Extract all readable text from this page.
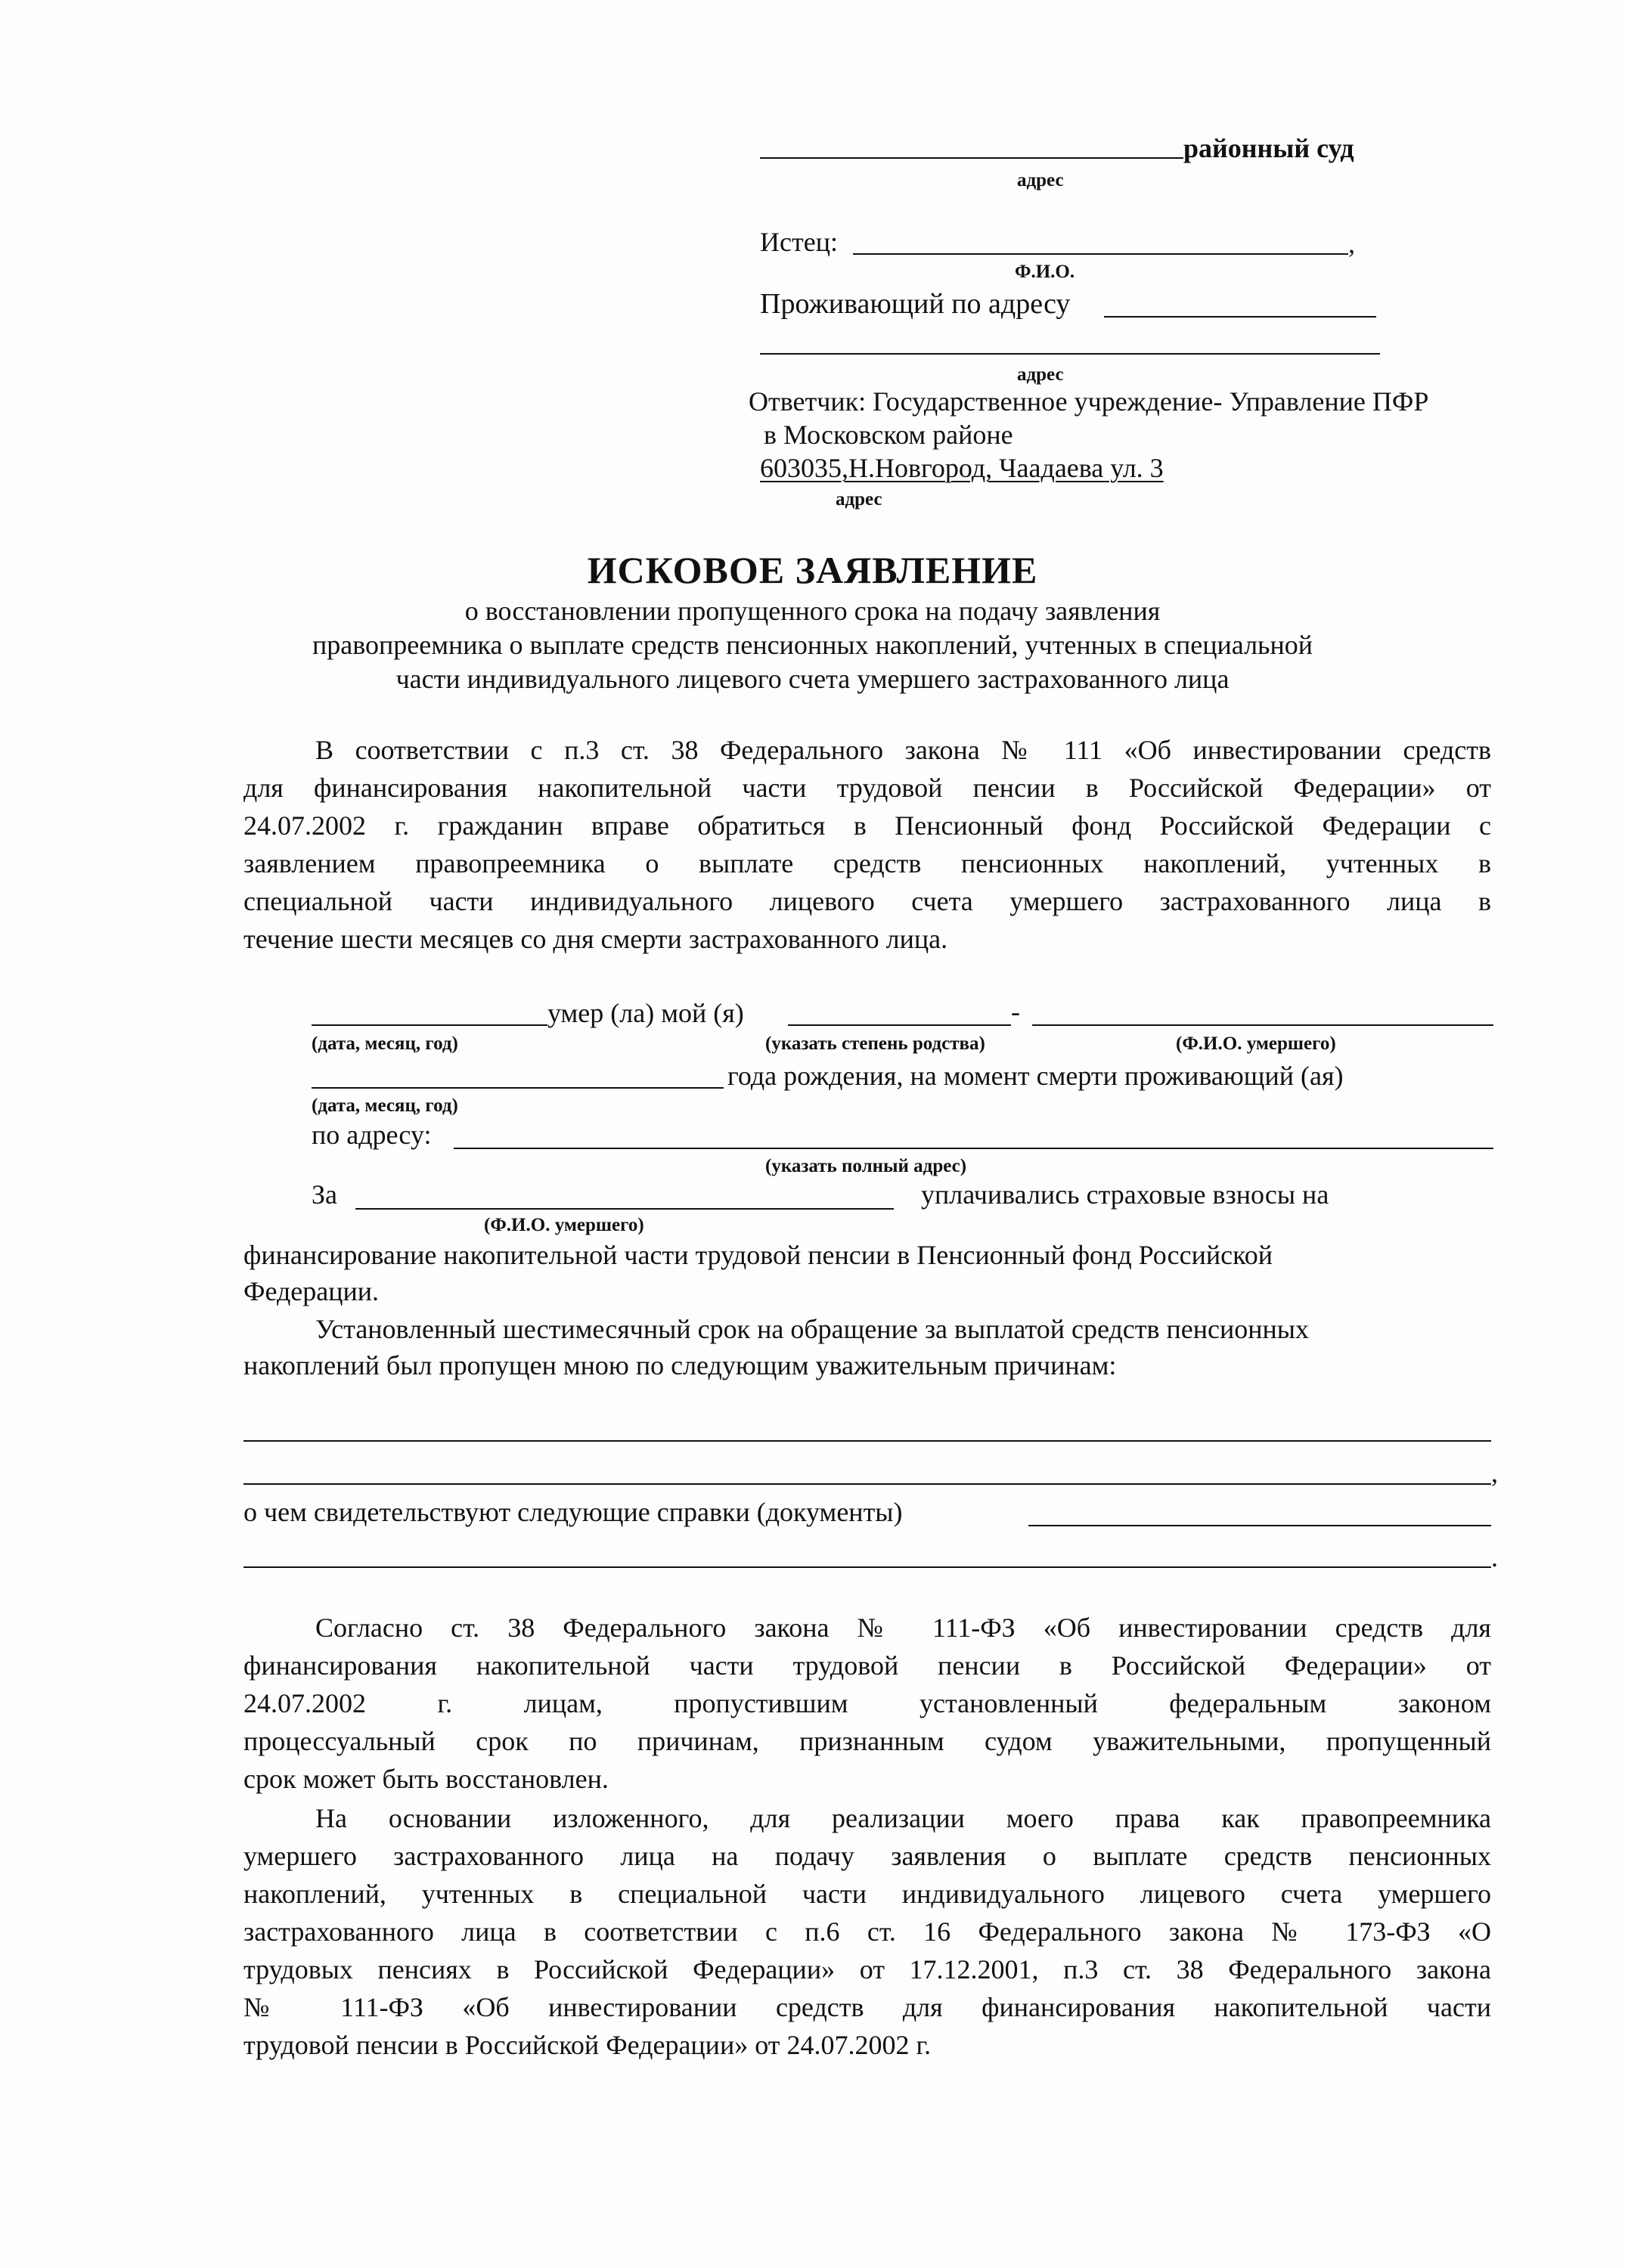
районный суд
адрес
Истец:	,
Ф.И.О.
Проживающий по адресу
адрес
Ответчик: Государственное учреждение- Управление ПФР
в Московском районе
603035,Н.Новгород, Чаадаева ул. 3
адрес
ИСКОВОЕ ЗАЯВЛЕНИЕ
о восстановлении пропущенного срока на подачу заявления
правопреемника о выплате средств пенсионных накоплений, учтенных в специальной
части индивидуального лицевого счета умершего застрахованного лица
В соответствии с п.3 ст. 38 Федерального закона № 111 «Об инвестировании средств
для финансирования накопительной части трудовой пенсии в Российской Федерации» от
24.07.2002 г. гражданин вправе обратиться в Пенсионный фонд Российской Федерации с
заявлением правопреемника о выплате средств пенсионных накоплений, учтенных в
специальной части индивидуального лицевого счета умершего застрахованного лица в
течение шести месяцев со дня смерти застрахованного лица.
умер (ла) мой (я)	-
(дата, месяц, год)	(указать степень родства)	(Ф.И.О. умершего)
года рождения, на момент смерти проживающий (ая)
(дата, месяц, год)
по адресу:
(указать полный адрес)
За	уплачивались страховые взносы на
(Ф.И.О. умершего)
финансирование накопительной части трудовой пенсии в Пенсионный фонд Российской
Федерации.
Установленный шестимесячный срок на обращение за выплатой средств пенсионных
накоплений был пропущен мною по следующим уважительным причинам:
,
о чем свидетельствуют следующие справки (документы)
.
Согласно ст. 38 Федерального закона № 111-ФЗ «Об инвестировании средств для
финансирования накопительной части трудовой пенсии в Российской Федерации» от
24.07.2002 г. лицам, пропустившим установленный федеральным законом
процессуальный срок по причинам, признанным судом уважительными, пропущенный
срок может быть восстановлен.
На основании изложенного, для реализации моего права как правопреемника
умершего застрахованного лица на подачу заявления о выплате средств пенсионных
накоплений, учтенных в специальной части индивидуального лицевого счета умершего
застрахованного лица в соответствии с п.6 ст. 16 Федерального закона № 173-ФЗ «О
трудовых пенсиях в Российской Федерации» от 17.12.2001, п.3 ст. 38 Федерального закона
№ 111-ФЗ «Об инвестировании средств для финансирования накопительной части
трудовой пенсии в Российской Федерации» от 24.07.2002 г.
